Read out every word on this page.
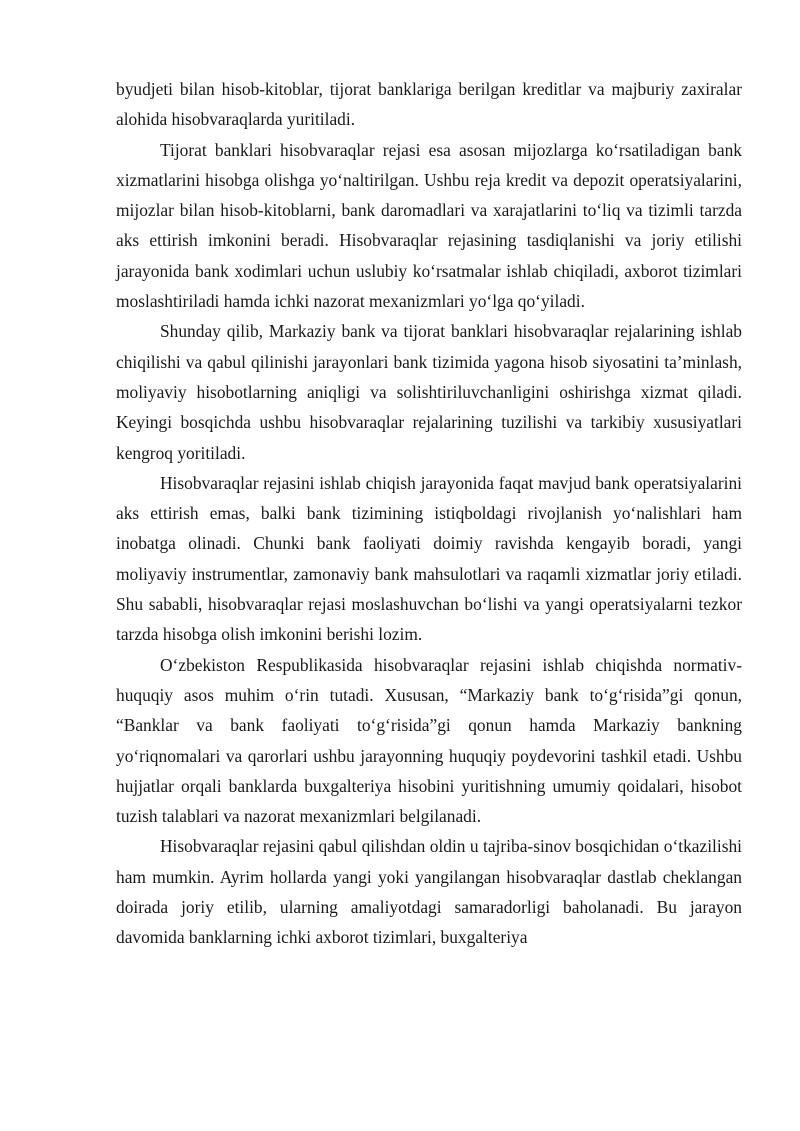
byudjeti bilan hisob-kitoblar, tijorat banklariga berilgan kreditlar va majburiy zaxiralar alohida hisobvaraqlarda yuritiladi.

Tijorat banklari hisobvaraqlar rejasi esa asosan mijozlarga ko‘rsatiladigan bank xizmatlarini hisobga olishga yo‘naltirilgan. Ushbu reja kredit va depozit operatsiyalarini, mijozlar bilan hisob-kitoblarni, bank daromadlari va xarajatlarini to‘liq va tizimli tarzda aks ettirish imkonini beradi. Hisobvaraqlar rejasining tasdiqlanishi va joriy etilishi jarayonida bank xodimlari uchun uslubiy ko‘rsatmalar ishlab chiqiladi, axborot tizimlari moslashtiriladi hamda ichki nazorat mexanizmlari yo‘lga qo‘yiladi.

Shunday qilib, Markaziy bank va tijorat banklari hisobvaraqlar rejalarining ishlab chiqilishi va qabul qilinishi jarayonlari bank tizimida yagona hisob siyosatini ta’minlash, moliyaviy hisobotlarning aniqligi va solishtiriluvchanligini oshirishga xizmat qiladi. Keyingi bosqichda ushbu hisobvaraqlar rejalarining tuzilishi va tarkibiy xususiyatlari kengroq yoritiladi.

Hisobvaraqlar rejasini ishlab chiqish jarayonida faqat mavjud bank operatsiyalarini aks ettirish emas, balki bank tizimining istiqboldagi rivojlanish yo‘nalishlari ham inobatga olinadi. Chunki bank faoliyati doimiy ravishda kengayib boradi, yangi moliyaviy instrumentlar, zamonaviy bank mahsulotlari va raqamli xizmatlar joriy etiladi. Shu sababli, hisobvaraqlar rejasi moslashuvchan bo‘lishi va yangi operatsiyalarni tezkor tarzda hisobga olish imkonini berishi lozim.

O‘zbekiston Respublikasida hisobvaraqlar rejasini ishlab chiqishda normativ-huquqiy asos muhim o‘rin tutadi. Xususan, “Markaziy bank to‘g‘risida”gi qonun, “Banklar va bank faoliyati to‘g‘risida”gi qonun hamda Markaziy bankning yo‘riqnomalari va qarorlari ushbu jarayonning huquqiy poydevorini tashkil etadi. Ushbu hujjatlar orqali banklarda buxgalteriya hisobini yuritishning umumiy qoidalari, hisobot tuzish talablari va nazorat mexanizmlari belgilanadi.

Hisobvaraqlar rejasini qabul qilishdan oldin u tajriba-sinov bosqichidan o‘tkazilishi ham mumkin. Ayrim hollarda yangi yoki yangilangan hisobvaraqlar dastlab cheklangan doirada joriy etilib, ularning amaliyotdagi samaradorligi baholanadi. Bu jarayon davomida banklarning ichki axborot tizimlari, buxgalteriya
